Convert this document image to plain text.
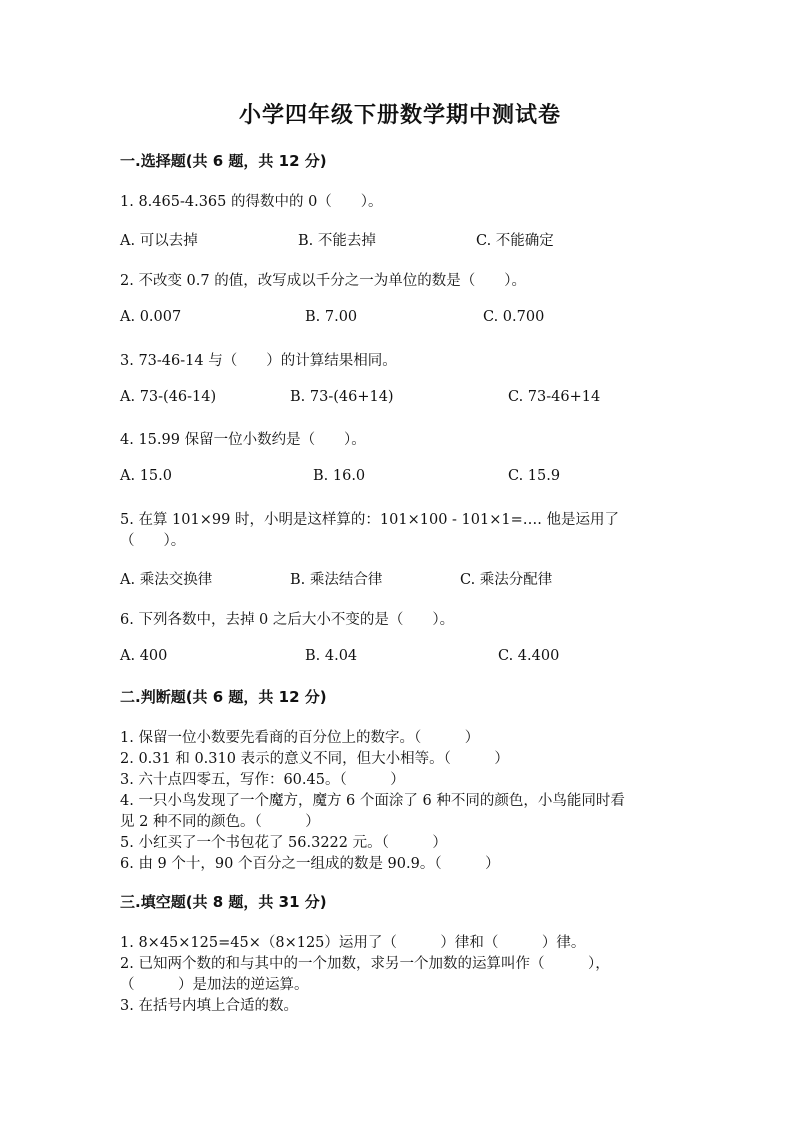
小学四年级下册数学期中测试卷
一.选择题(共 6 题，共 12 分)
1. 8.465-4.365 的得数中的 0（　　）。
A. 可以去掉	B. 不能去掉	C. 不能确定
2. 不改变 0.7 的值，改写成以千分之一为单位的数是（　　）。
A. 0.007	B. 7.00	C. 0.700
3. 73-46-14 与（　　）的计算结果相同。
A. 73-(46-14)	B. 73-(46+14)	C. 73-46+14
4. 15.99 保留一位小数约是（　　）。
A. 15.0	B. 16.0	C. 15.9
5. 在算 101×99 时，小明是这样算的：101×100 - 101×1=…. 他是运用了
（　　）。
A. 乘法交换律	B. 乘法结合律	C. 乘法分配律
6. 下列各数中，去掉 0 之后大小不变的是（　　）。
A. 400	B. 4.04	C. 4.400
二.判断题(共 6 题，共 12 分)
1. 保留一位小数要先看商的百分位上的数字。（　　　）
2. 0.31 和 0.310 表示的意义不同，但大小相等。（　　　）
3. 六十点四零五，写作：60.45。（　　　）
4. 一只小鸟发现了一个魔方，魔方 6 个面涂了 6 种不同的颜色，小鸟能同时看
见 2 种不同的颜色。（　　　）
5. 小红买了一个书包花了 56.3222 元。（　　　）
6. 由 9 个十，90 个百分之一组成的数是 90.9。（　　　）
三.填空题(共 8 题，共 31 分)
1. 8×45×125=45×（8×125）运用了（　　　）律和（　　　）律。
2. 已知两个数的和与其中的一个加数，求另一个加数的运算叫作（　　　），
（　　　）是加法的逆运算。
3. 在括号内填上合适的数。
